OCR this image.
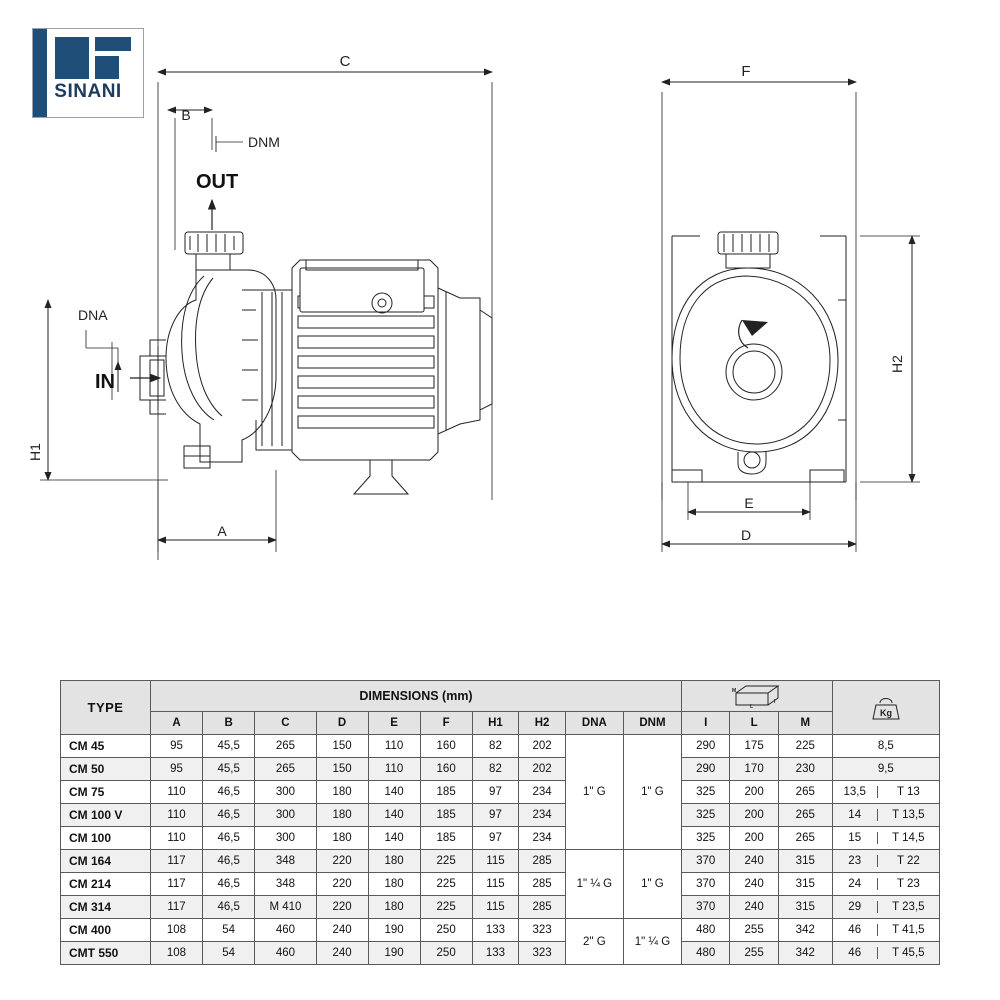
SINANI
C
B
DNM
OUT
DNA
IN
H1
A
F
H2
E
D
TYPE	DIMENSIONS (mm)										M
L
I			Kg

	A	B	C	D	E	F	H1	H2	DNA	DNM	I	L	M	
CM 45	95	45,5	265	150	110	160	82	202	1" G	1" G	290	175	225	8,5
CM 50	95	45,5	265	150	110	160	82	202			290	170	230	9,5
CM 75	110	46,5	300	180	140	185	97	234			325	200	265	13,5 T 13

CM 100 V	110	46,5	300	180	140	185	97	234			325	200	265	14 T 13,5

CM 100	110	46,5	300	180	140	185	97	234			325	200	265	15 T 14,5

CM 164	117	46,5	348	220	180	225	115	285	1" ¼ G	1" G	370	240	315	23 T 22

CM 214	117	46,5	348	220	180	225	115	285			370	240	315	24 T 23

CM 314	117	46,5	M 410	220	180	225	115	285			370	240	315	29 T 23,5

CM 400	108	54	460	240	190	250	133	323	2" G	1" ¼ G	480	255	342	46 T 41,5

CMT 550	108	54	460	240	190	250	133	323			480	255	342	46 T 45,5
